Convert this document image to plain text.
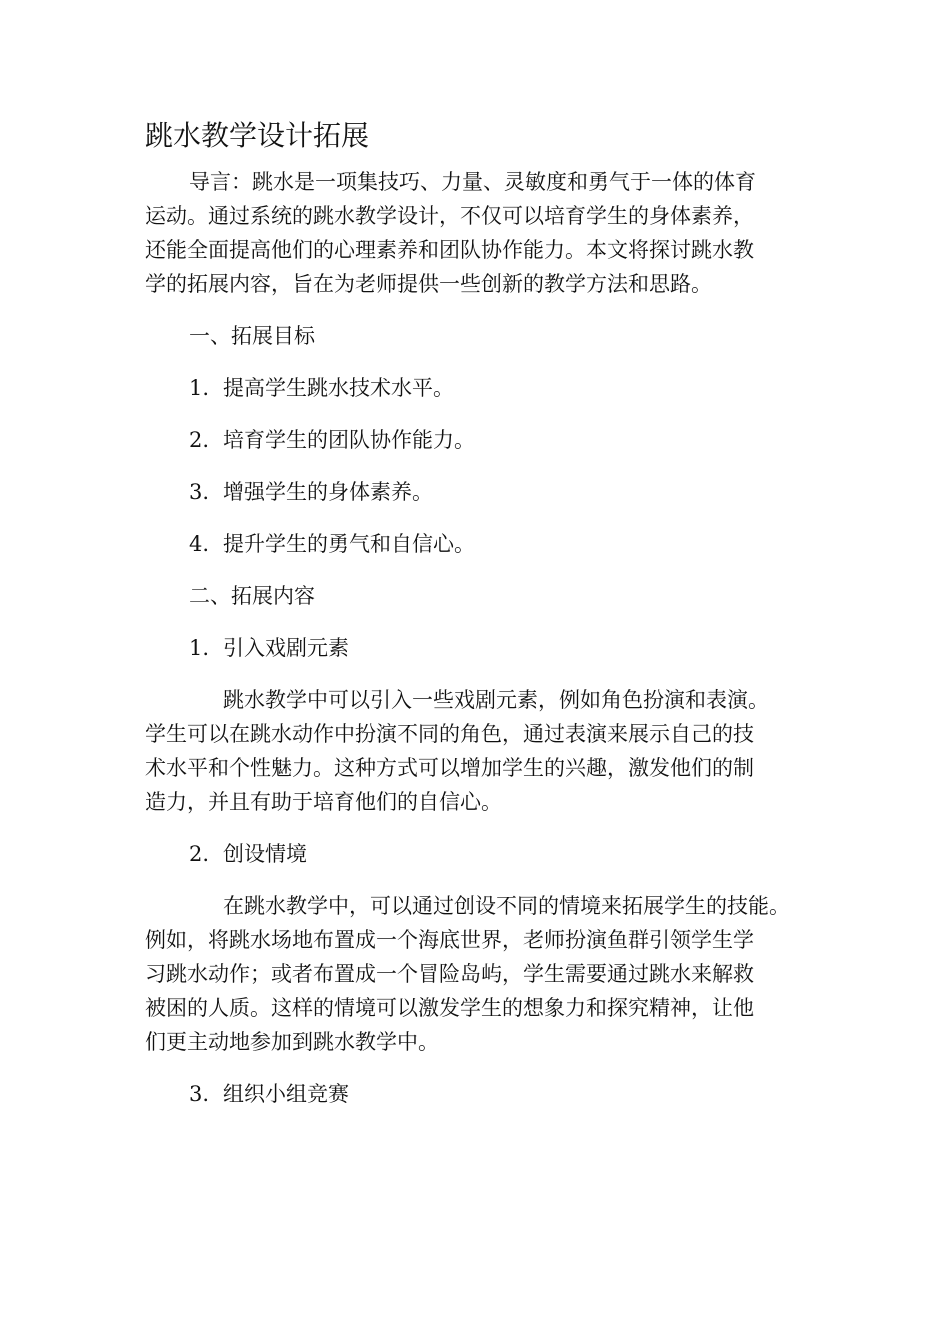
跳水教学设计拓展

导言：跳水是一项集技巧、力量、灵敏度和勇气于一体的体育
运动。通过系统的跳水教学设计，不仅可以培育学生的身体素养，
还能全面提高他们的心理素养和团队协作能力。本文将探讨跳水教
学的拓展内容，旨在为老师提供一些创新的教学方法和思路。

一、拓展目标

1. 提高学生跳水技术水平。

2. 培育学生的团队协作能力。

3. 增强学生的身体素养。

4. 提升学生的勇气和自信心。

二、拓展内容

1. 引入戏剧元素

跳水教学中可以引入一些戏剧元素，例如角色扮演和表演。
学生可以在跳水动作中扮演不同的角色，通过表演来展示自己的技
术水平和个性魅力。这种方式可以增加学生的兴趣，激发他们的制
造力，并且有助于培育他们的自信心。

2. 创设情境

在跳水教学中，可以通过创设不同的情境来拓展学生的技能。
例如，将跳水场地布置成一个海底世界，老师扮演鱼群引领学生学
习跳水动作；或者布置成一个冒险岛屿，学生需要通过跳水来解救
被困的人质。这样的情境可以激发学生的想象力和探究精神，让他
们更主动地参加到跳水教学中。

3. 组织小组竞赛
